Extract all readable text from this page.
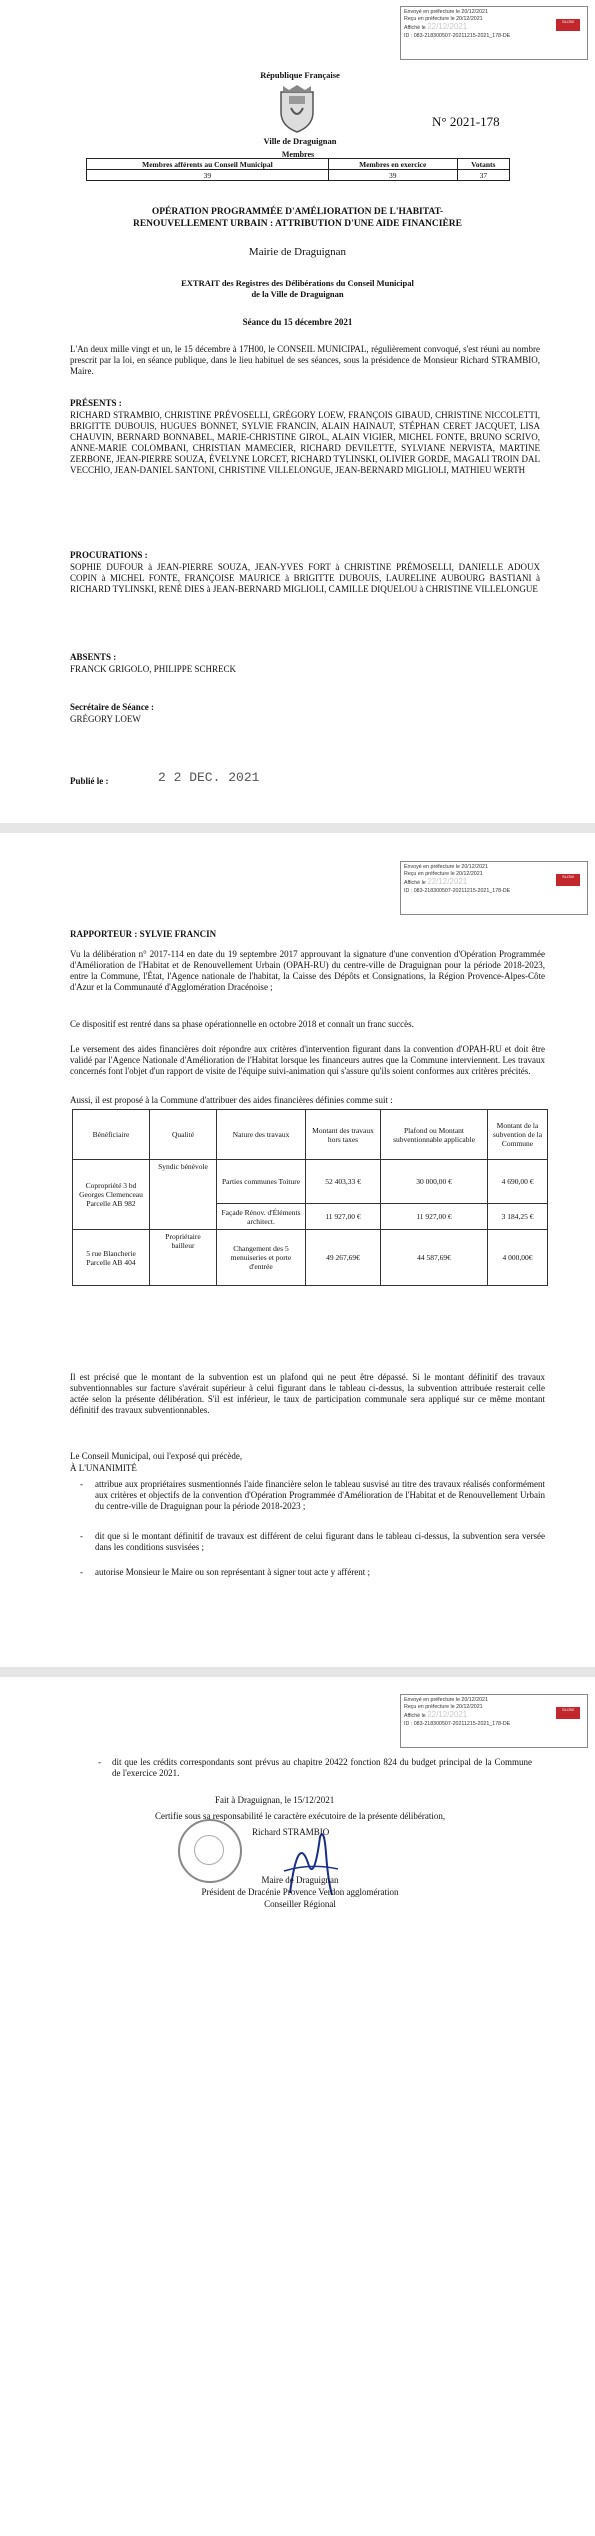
Envoyé en préfecture le 20/12/2021
Reçu en préfecture le 20/12/2021
Affiché le 22/12/2021
ID : 083-218300507-20211215-2021_178-DE
SLOW
République Française
Ville de Draguignan
N° 2021-178
Membres
Membres afférents au Conseil Municipal	Membres en exercice	Votants
39	39	37
OPÉRATION PROGRAMMÉE D'AMÉLIORATION DE L'HABITAT-
RENOUVELLEMENT URBAIN : ATTRIBUTION D'UNE AIDE FINANCIÈRE
Mairie de Draguignan
EXTRAIT des Registres des Délibérations du Conseil Municipal
de la Ville de Draguignan
Séance du 15 décembre 2021
L'An deux mille vingt et un, le 15 décembre à 17H00, le CONSEIL MUNICIPAL, régulièrement convoqué, s'est réuni au nombre prescrit par la loi, en séance publique, dans le lieu habituel de ses séances, sous la présidence de Monsieur Richard STRAMBIO, Maire.
PRÉSENTS :
RICHARD STRAMBIO, CHRISTINE PRÉVOSELLI, GRÉGORY LOEW, FRANÇOIS GIBAUD, CHRISTINE NICCOLETTI, BRIGITTE DUBOUIS, HUGUES BONNET, SYLVIE FRANCIN, ALAIN HAINAUT, STÉPHAN CERET JACQUET, LISA CHAUVIN, BERNARD BONNABEL, MARIE-CHRISTINE GIROL, ALAIN VIGIER, MICHEL FONTE, BRUNO SCRIVO, ANNE-MARIE COLOMBANI, CHRISTIAN MAMECIER, RICHARD DEVILETTE, SYLVIANE NERVISTA, MARTINE ZERBONE, JEAN-PIERRE SOUZA, ÉVELYNE LORCET, RICHARD TYLINSKI, OLIVIER GORDE, MAGALI TROIN DAL VECCHIO, JEAN-DANIEL SANTONI, CHRISTINE VILLELONGUE, JEAN-BERNARD MIGLIOLI, MATHIEU WERTH
PROCURATIONS :
SOPHIE DUFOUR à JEAN-PIERRE SOUZA, JEAN-YVES FORT à CHRISTINE PRÉMOSELLI, DANIELLE ADOUX COPIN à MICHEL FONTE, FRANÇOISE MAURICE à BRIGITTE DUBOUIS, LAURELINE AUBOURG BASTIANI à RICHARD TYLINSKI, RENÉ DIES à JEAN-BERNARD MIGLIOLI, CAMILLE DIQUELOU à CHRISTINE VILLELONGUE
ABSENTS :
FRANCK GRIGOLO, PHILIPPE SCHRECK
Secrétaire de Séance :
GRÉGORY LOEW
Publié le :	2 2 DEC. 2021
Envoyé en préfecture le 20/12/2021
Reçu en préfecture le 20/12/2021
Affiché le 22/12/2021
ID : 083-218300507-20211215-2021_178-DE
SLOW
RAPPORTEUR : SYLVIE FRANCIN
Vu la délibération n° 2017-114 en date du 19 septembre 2017 approuvant la signature d'une convention d'Opération Programmée d'Amélioration de l'Habitat et de Renouvellement Urbain (OPAH-RU) du centre-ville de Draguignan pour la période 2018-2023, entre la Commune, l'État, l'Agence nationale de l'habitat, la Caisse des Dépôts et Consignations, la Région Provence-Alpes-Côte d'Azur et la Communauté d'Agglomération Dracénoise ;
Ce dispositif est rentré dans sa phase opérationnelle en octobre 2018 et connaît un franc succès.
Le versement des aides financières doit répondre aux critères d'intervention figurant dans la convention d'OPAH-RU et doit être validé par l'Agence Nationale d'Amélioration de l'Habitat lorsque les financeurs autres que la Commune interviennent. Les travaux concernés font l'objet d'un rapport de visite de l'équipe suivi-animation qui s'assure qu'ils soient conformes aux critères précités.
Aussi, il est proposé à la Commune d'attribuer des aides financières définies comme suit :
Bénéficiaire	Qualité	Nature des travaux	Montant des travaux hors taxes	Plafond ou Montant subventionnable applicable	Montant de la subvention de la Commune
Copropriété 3 bd Georges Clemenceau Parcelle AB 982	Syndic bénévole	Parties communes Toiture	52 403,33 €	30 000,00 €	4 690,00 €
		Façade Rénov. d'Éléments architect.	11 927,00 €	11 927,00 €	3 184,25 €
5 rue Blancherie Parcelle AB 404	Propriétaire bailleur	Changement des 5 menuiseries et porte d'entrée	49 267,69€	44 587,69€	4 000,00€
Il est précisé que le montant de la subvention est un plafond qui ne peut être dépassé. Si le montant définitif des travaux subventionnables sur facture s'avérait supérieur à celui figurant dans le tableau ci-dessus, la subvention attribuée resterait celle actée selon la présente délibération. S'il est inférieur, le taux de participation communale sera appliqué sur ce même montant définitif des travaux subventionnables.
Le Conseil Municipal, oui l'exposé qui précède,
À L'UNANIMITÉ
- attribue aux propriétaires susmentionnés l'aide financière selon le tableau susvisé au titre des travaux réalisés conformément aux critères et objectifs de la convention d'Opération Programmée d'Amélioration de l'Habitat et de Renouvellement Urbain du centre-ville de Draguignan pour la période 2018-2023 ;
- dit que si le montant définitif de travaux est différent de celui figurant dans le tableau ci-dessus, la subvention sera versée dans les conditions susvisées ;
- autorise Monsieur le Maire ou son représentant à signer tout acte y afférent ;
Envoyé en préfecture le 20/12/2021
Reçu en préfecture le 20/12/2021
Affiché le 22/12/2021
ID : 083-218300507-20211215-2021_178-DE
SLOW
- dit que les crédits correspondants sont prévus au chapitre 20422 fonction 824 du budget principal de la Commune de l'exercice 2021.
Fait à Draguignan, le 15/12/2021
Certifie sous sa responsabilité le caractère exécutoire de la présente délibération,
Richard STRAMBIO
Maire de Draguignan
Président de Dracénie Provence Verdon agglomération
Conseiller Régional
